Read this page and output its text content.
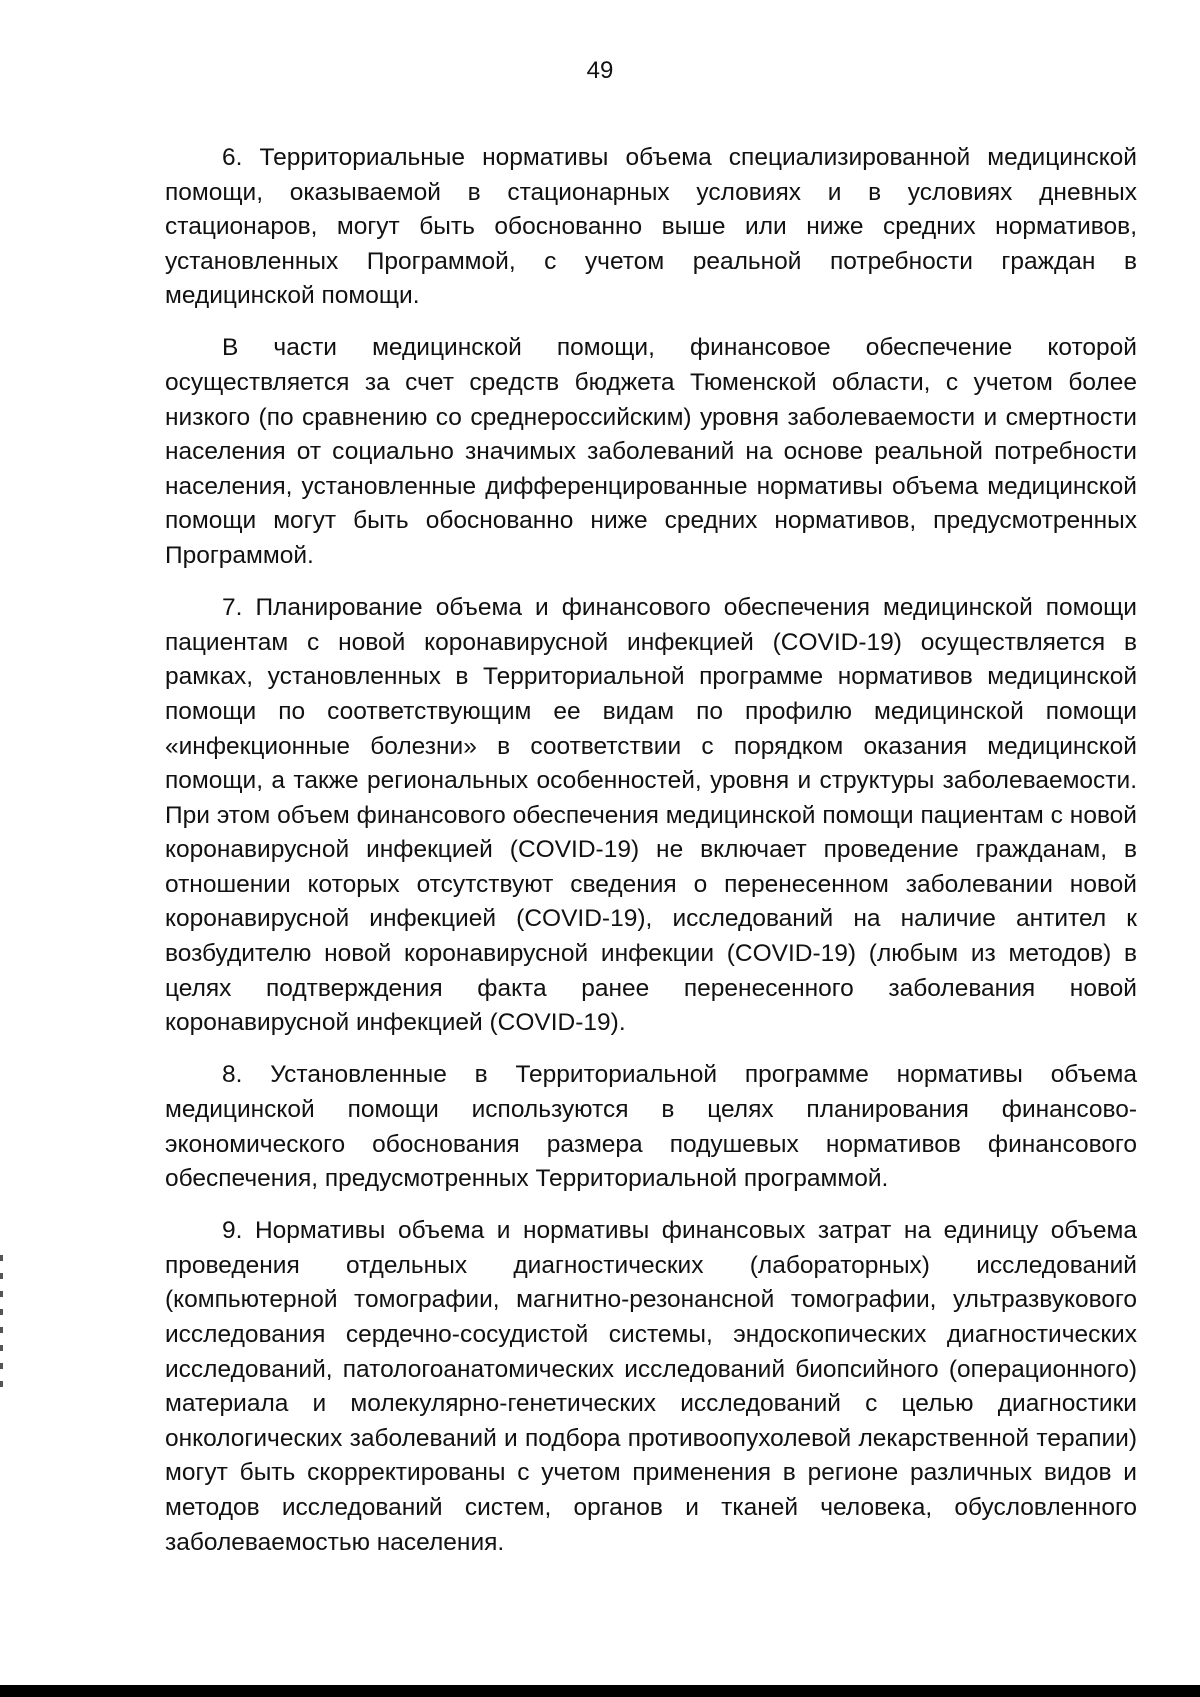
49

6. Территориальные нормативы объема специализированной медицинской помощи, оказываемой в стационарных условиях и в условиях дневных стационаров, могут быть обоснованно выше или ниже средних нормативов, установленных Программой, с учетом реальной потребности граждан в медицинской помощи.

В части медицинской помощи, финансовое обеспечение которой осуществляется за счет средств бюджета Тюменской области, с учетом более низкого (по сравнению со среднероссийским) уровня заболеваемости и смертности населения от социально значимых заболеваний на основе реальной потребности населения, установленные дифференцированные нормативы объема медицинской помощи могут быть обоснованно ниже средних нормативов, предусмотренных Программой.

7. Планирование объема и финансового обеспечения медицинской помощи пациентам с новой коронавирусной инфекцией (COVID-19) осуществляется в рамках, установленных в Территориальной программе нормативов медицинской помощи по соответствующим ее видам по профилю медицинской помощи «инфекционные болезни» в соответствии с порядком оказания медицинской помощи, а также региональных особенностей, уровня и структуры заболеваемости. При этом объем финансового обеспечения медицинской помощи пациентам с новой коронавирусной инфекцией (COVID-19) не включает проведение гражданам, в отношении которых отсутствуют сведения о перенесенном заболевании новой коронавирусной инфекцией (COVID-19), исследований на наличие антител к возбудителю новой коронавирусной инфекции (COVID-19) (любым из методов) в целях подтверждения факта ранее перенесенного заболевания новой коронавирусной инфекцией (COVID-19).

8. Установленные в Территориальной программе нормативы объема медицинской помощи используются в целях планирования финансово-экономического обоснования размера подушевых нормативов финансового обеспечения, предусмотренных Территориальной программой.

9. Нормативы объема и нормативы финансовых затрат на единицу объема проведения отдельных диагностических (лабораторных) исследований (компьютерной томографии, магнитно-резонансной томографии, ультразвукового исследования сердечно-сосудистой системы, эндоскопических диагностических исследований, патологоанатомических исследований биопсийного (операционного) материала и молекулярно-генетических исследований с целью диагностики онкологических заболеваний и подбора противоопухолевой лекарственной терапии) могут быть скорректированы с учетом применения в регионе различных видов и методов исследований систем, органов и тканей человека, обусловленного заболеваемостью населения.
